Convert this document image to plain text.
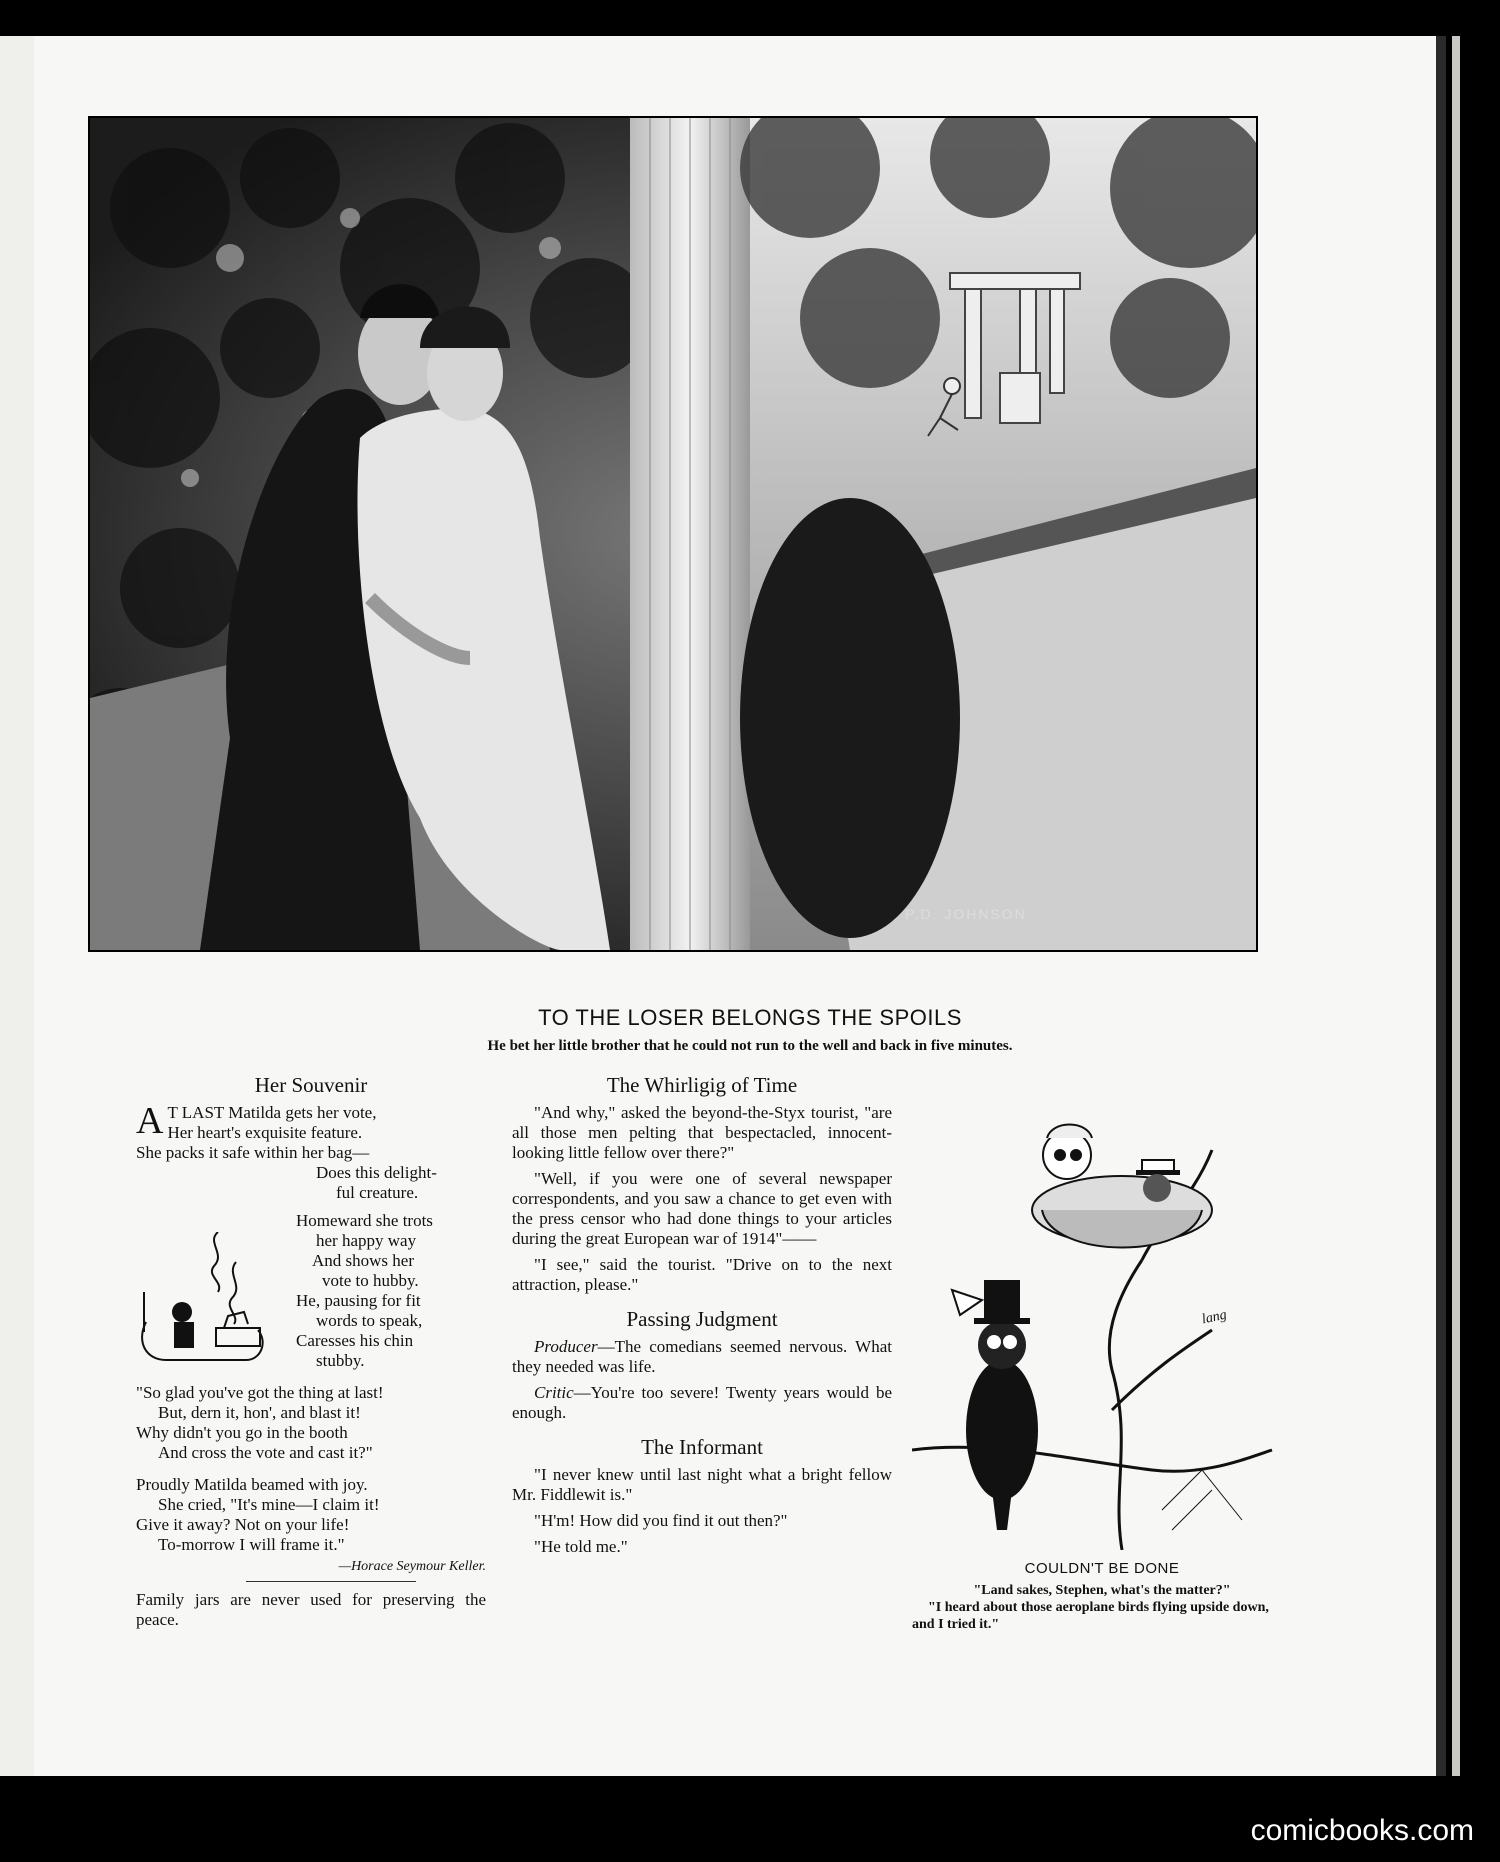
P.D. JOHNSON
TO THE LOSER BELONGS THE SPOILS
He bet her little brother that he could not run to the well and back in five minutes.
Her Souvenir
A T LAST Matilda gets her vote,
Her heart's exquisite feature.
She packs it safe within her bag—
Does this delight-
ful creature.
Homeward she trots
her happy way
And shows her
vote to hubby.
He, pausing for fit
words to speak,
Caresses his chin
stubby.
"So glad you've got the thing at last!
But, dern it, hon', and blast it!
Why didn't you go in the booth
And cross the vote and cast it?"
Proudly Matilda beamed with joy.
She cried, "It's mine—I claim it!
Give it away? Not on your life!
To-morrow I will frame it."
—Horace Seymour Keller.

Family jars are never used for preserving the peace.

The Whirligig of Time

"And why," asked the beyond-the-Styx tourist, "are all those men pelting that bespectacled, innocent-looking little fellow over there?"

"Well, if you were one of several newspaper correspondents, and you saw a chance to get even with the press censor who had done things to your articles during the great European war of 1914"——

"I see," said the tourist. "Drive on to the next attraction, please."

Passing Judgment

Producer—The comedians seemed nervous. What they needed was life.

Critic—You're too severe! Twenty years would be enough.

The Informant

"I never knew until last night what a bright fellow Mr. Fiddlewit is."

"H'm! How did you find it out then?"

"He told me."

lang
COULDN'T BE DONE
"Land sakes, Stephen, what's the matter?"
"I heard about those aeroplane birds flying upside down, and I tried it."
comicbooks.com
